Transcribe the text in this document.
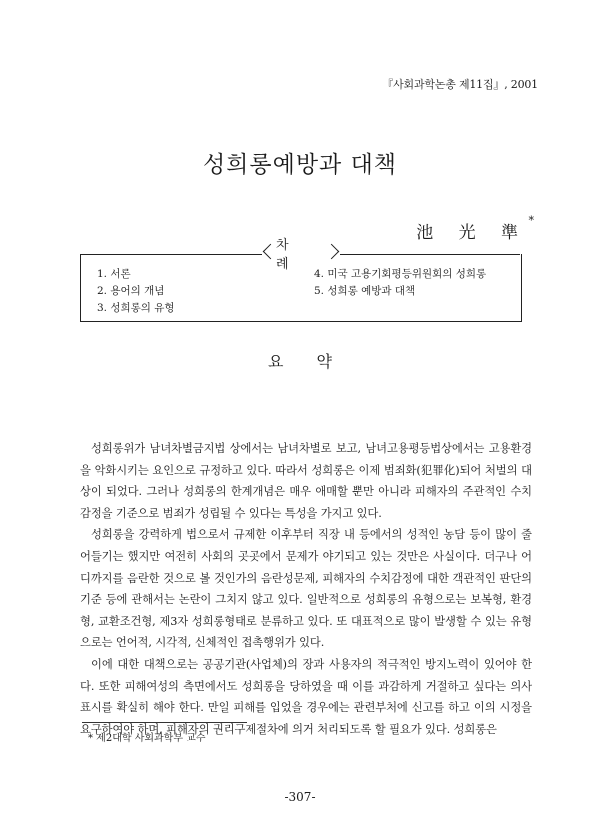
『사회과학논총 제11집』, 2001
성희롱예방과 대책
池 光 準
*
차 례
1. 서론
2. 용어의 개념
3. 성희롱의 유형
4. 미국 고용기회평등위원회의 성희롱
5. 성희롱 예방과 대책
요 약

성희롱위가 남녀차별금지법 상에서는 남녀차별로 보고, 남녀고용평등법상에서는 고용환경을 악화시키는 요인으로 규정하고 있다. 따라서 성희롱은 이제 범죄화(犯罪化)되어 처벌의 대상이 되었다. 그러나 성희롱의 한계개념은 매우 애매할 뿐만 아니라 피해자의 주관적인 수치감정을 기준으로 범죄가 성립될 수 있다는 특성을 가지고 있다.

성희롱을 강력하게 법으로서 규제한 이후부터 직장 내 등에서의 성적인 농담 등이 많이 줄어들기는 했지만 여전히 사회의 곳곳에서 문제가 야기되고 있는 것만은 사실이다. 더구나 어디까지를 음란한 것으로 볼 것인가의 음란성문제, 피해자의 수치감정에 대한 객관적인 판단의 기준 등에 관해서는 논란이 그치지 않고 있다. 일반적으로 성희롱의 유형으로는 보복형, 환경형, 교환조건형, 제3자 성희롱형태로 분류하고 있다. 또 대표적으로 많이 발생할 수 있는 유형으로는 언어적, 시각적, 신체적인 접촉행위가 있다.

이에 대한 대책으로는 공공기관(사업체)의 장과 사용자의 적극적인 방지노력이 있어야 한다. 또한 피해여성의 측면에서도 성희롱을 당하였을 때 이를 과감하게 거절하고 싶다는 의사표시를 확실히 해야 한다. 만일 피해를 입었을 경우에는 관련부처에 신고를 하고 이의 시정을 요구하여야 하며, 피해자의 권리구제절차에 의거 처리되도록 할 필요가 있다. 성희롱은

* 제2대학 사회과학부 교수
-307-
